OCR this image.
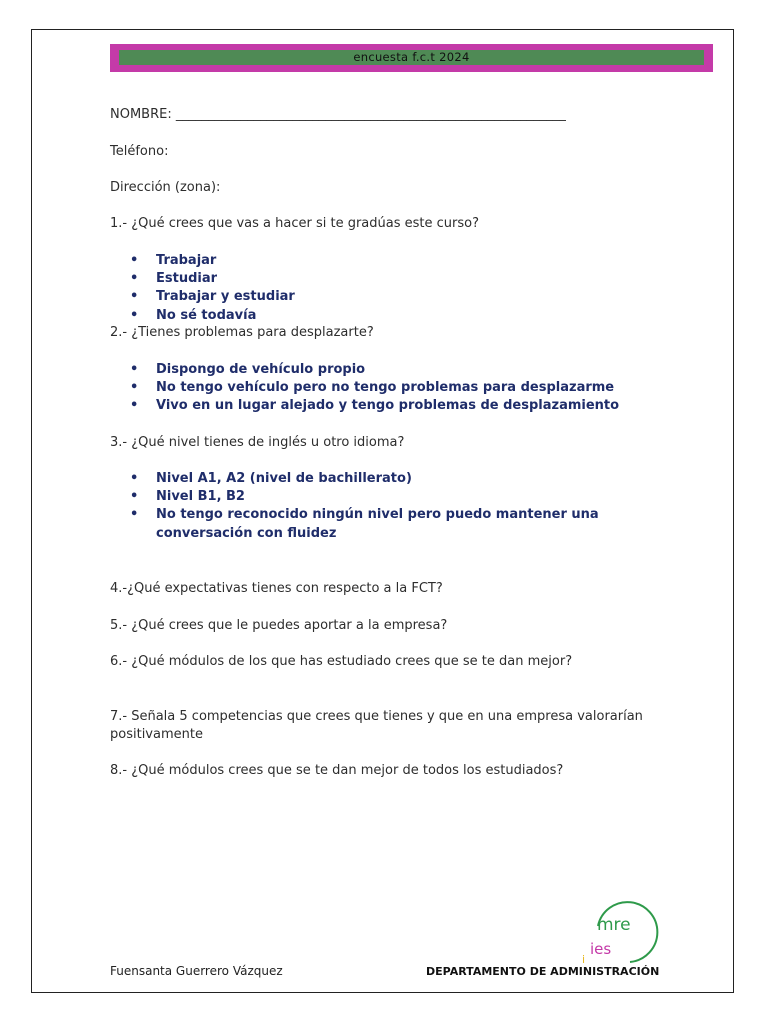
encuesta f.c.t 2024
NOMBRE: ____________________________________________________________
Teléfono:
Dirección (zona):
1.- ¿Qué crees que vas a hacer si te gradúas este curso?
• Trabajar
• Estudiar
• Trabajar y estudiar
• No sé todavía
2.- ¿Tienes problemas para desplazarte?
• Dispongo de vehículo propio
• No tengo vehículo pero no tengo problemas para desplazarme
• Vivo en un lugar alejado y tengo problemas de desplazamiento
3.- ¿Qué nivel tienes de inglés u otro idioma?
• Nivel A1, A2 (nivel de bachillerato)
• Nivel B1, B2
• No tengo reconocido ningún nivel pero puedo mantener una conversación con fluidez
4.-¿Qué expectativas tienes con respecto a la FCT?
5.- ¿Qué crees que le puedes aportar a la empresa?
6.- ¿Qué módulos de los que has estudiado crees que se te dan mejor?
7.- Señala 5 competencias que crees que tienes y que en una empresa valorarían positivamente
8.- ¿Qué módulos crees que se te dan mejor de todos los estudiados?
mre
ies
i
Fuensanta Guerrero Vázquez	DEPARTAMENTO DE ADMINISTRACIÓN
